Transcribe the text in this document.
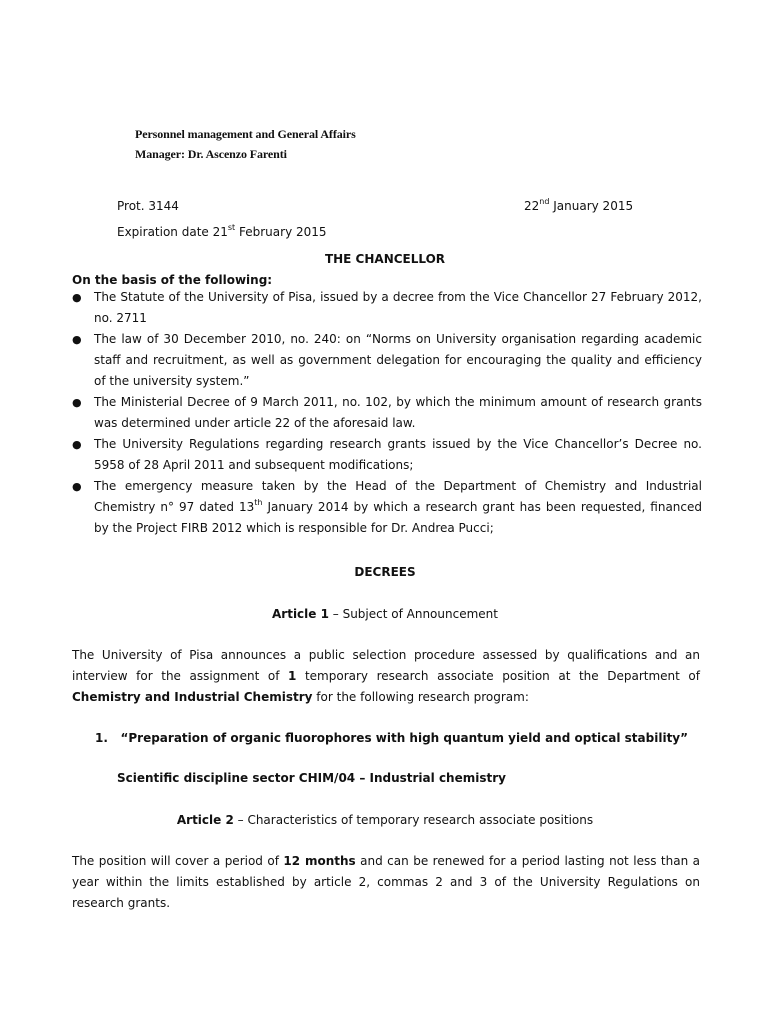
Personnel management and General Affairs
Manager: Dr. Ascenzo Farenti
Prot. 3144	22nd January 2015
Expiration date 21st February 2015
THE CHANCELLOR
On the basis of the following:
● The Statute of the University of Pisa, issued by a decree from the Vice Chancellor 27 February 2012, no. 2711
● The law of 30 December 2010, no. 240: on “Norms on University organisation regarding academic staff and recruitment, as well as government delegation for encouraging the quality and efficiency of the university system.”
● The Ministerial Decree of 9 March 2011, no. 102, by which the minimum amount of research grants was determined under article 22 of the aforesaid law.
● The University Regulations regarding research grants issued by the Vice Chancellor’s Decree no. 5958 of 28 April 2011 and subsequent modifications;
● The emergency measure taken by the Head of the Department of Chemistry and Industrial Chemistry n° 97 dated 13th January 2014 by which a research grant has been requested, financed by the Project FIRB 2012 which is responsible for Dr. Andrea Pucci;
DECREES
Article 1 – Subject of Announcement
The University of Pisa announces a public selection procedure assessed by qualifications and an interview for the assignment of 1 temporary research associate position at the Department of Chemistry and Industrial Chemistry for the following research program:
1. “Preparation of organic fluorophores with high quantum yield and optical stability”
Scientific discipline sector CHIM/04 – Industrial chemistry
Article 2 – Characteristics of temporary research associate positions
The position will cover a period of 12 months and can be renewed for a period lasting not less than a year within the limits established by article 2, commas 2 and 3 of the University Regulations on research grants.
